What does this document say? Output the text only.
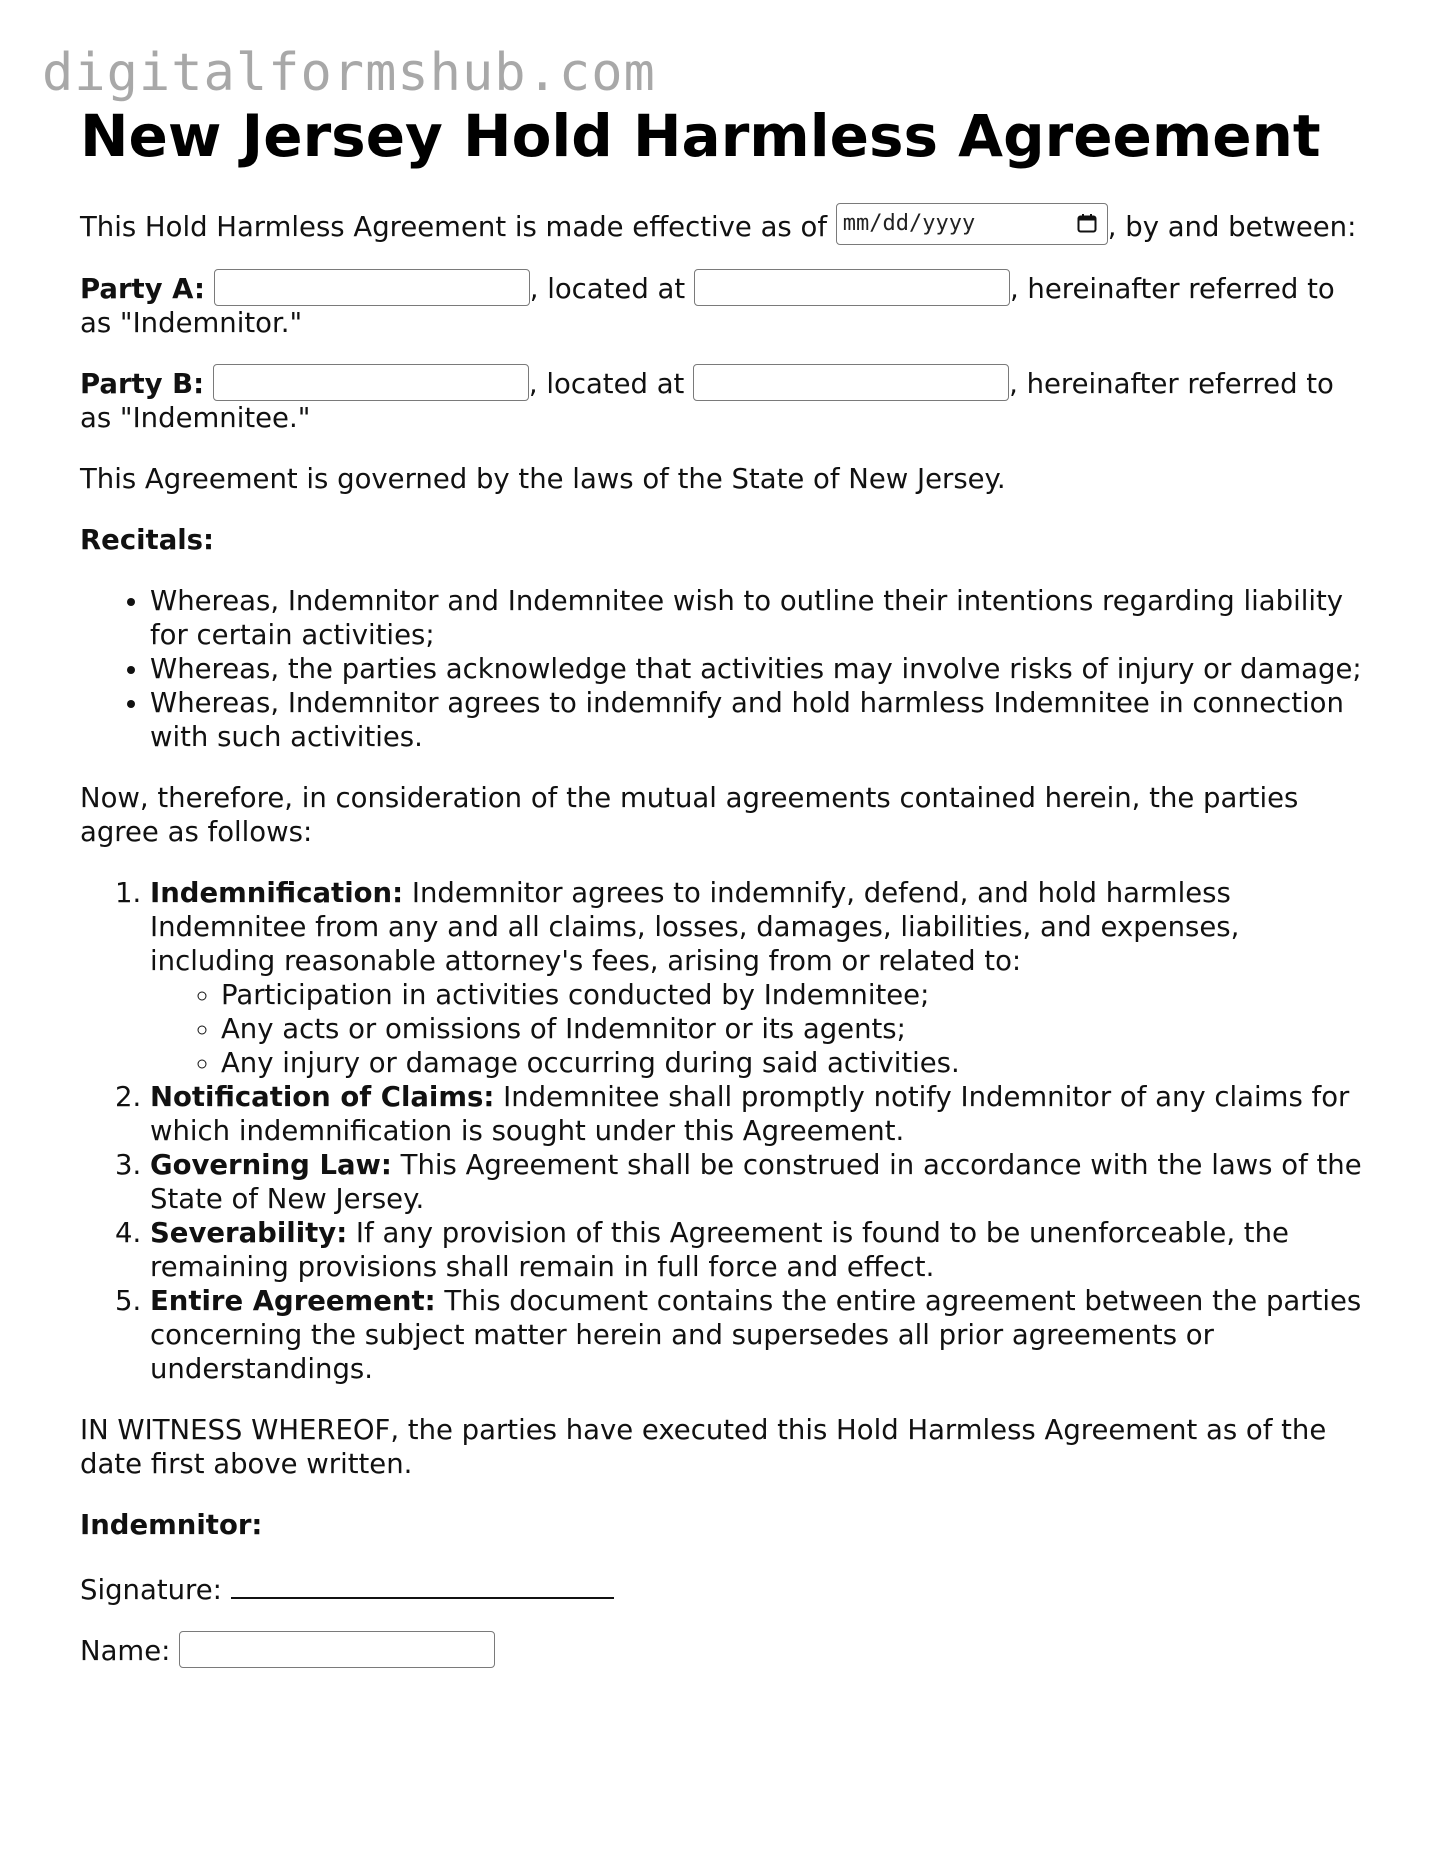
digitalformshub.com
New Jersey Hold Harmless Agreement

This Hold Harmless Agreement is made effective as of mm/dd/yyyy	, by and between:

Party A:	, located at	, hereinafter referred to as "Indemnitor."

Party B:	, located at	, hereinafter referred to as "Indemnitee."

This Agreement is governed by the laws of the State of New Jersey.

Recitals:

• Whereas, Indemnitor and Indemnitee wish to outline their intentions regarding liability for certain activities;
• Whereas, the parties acknowledge that activities may involve risks of injury or damage;
• Whereas, Indemnitor agrees to indemnify and hold harmless Indemnitee in connection with such activities.

Now, therefore, in consideration of the mutual agreements contained herein, the parties agree as follows:

1. Indemnification: Indemnitor agrees to indemnify, defend, and hold harmless Indemnitee from any and all claims, losses, damages, liabilities, and expenses, including reasonable attorney's fees, arising from or related to:
◦ Participation in activities conducted by Indemnitee;
◦ Any acts or omissions of Indemnitor or its agents;
◦ Any injury or damage occurring during said activities.
2. Notification of Claims: Indemnitee shall promptly notify Indemnitor of any claims for which indemnification is sought under this Agreement.
3. Governing Law: This Agreement shall be construed in accordance with the laws of the State of New Jersey.
4. Severability: If any provision of this Agreement is found to be unenforceable, the remaining provisions shall remain in full force and effect.
5. Entire Agreement: This document contains the entire agreement between the parties concerning the subject matter herein and supersedes all prior agreements or understandings.

IN WITNESS WHEREOF, the parties have executed this Hold Harmless Agreement as of the date first above written.

Indemnitor:

Signature:

Name:
